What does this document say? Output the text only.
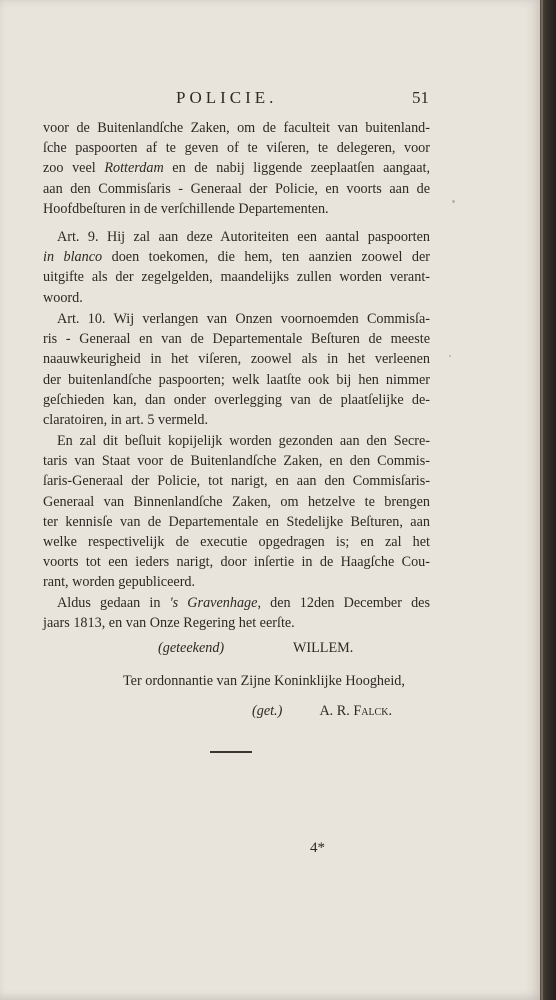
POLICIE.	51
voor de Buitenlandſche Zaken, om de faculteit van buitenland-
ſche paspoorten af te geven of te viſeren, te delegeren, voor
zoo veel Rotterdam en de nabij liggende zeeplaatſen aangaat,
aan den Commisſaris - Generaal der Policie, en voorts aan de
Hoofdbeſturen in de verſchillende Departementen.
Art. 9. Hij zal aan deze Autoriteiten een aantal paspoorten
in blanco doen toekomen, die hem, ten aanzien zoowel der
uitgifte als der zegelgelden, maandelijks zullen worden verant-
woord.
Art. 10. Wij verlangen van Onzen voornoemden Commisſa-
ris - Generaal en van de Departementale Beſturen de meeste
naauwkeurigheid in het viſeren, zoowel als in het verleenen
der buitenlandſche paspoorten; welk laatſte ook bij hen nimmer
geſchieden kan, dan onder overlegging van de plaatſelijke de-
claratoiren, in art. 5 vermeld.
En zal dit beſluit kopijelijk worden gezonden aan den Secre-
taris van Staat voor de Buitenlandſche Zaken, en den Commis-
ſaris-Generaal der Policie, tot narigt, en aan den Commisſaris-
Generaal van Binnenlandſche Zaken, om hetzelve te brengen
ter kennisſe van de Departementale en Stedelijke Beſturen, aan
welke respectivelijk de executie opgedragen is; en zal het
voorts tot een ieders narigt, door inſertie in de Haagſche Cou-
rant, worden gepubliceerd.
Aldus gedaan in 's Gravenhage, den 12den December des
jaars 1813, en van Onze Regering het eerſte.
(geteekend)	WILLEM.
Ter ordonnantie van Zijne Koninklijke Hoogheid,
(get.)	A. R. Falck.
4*
